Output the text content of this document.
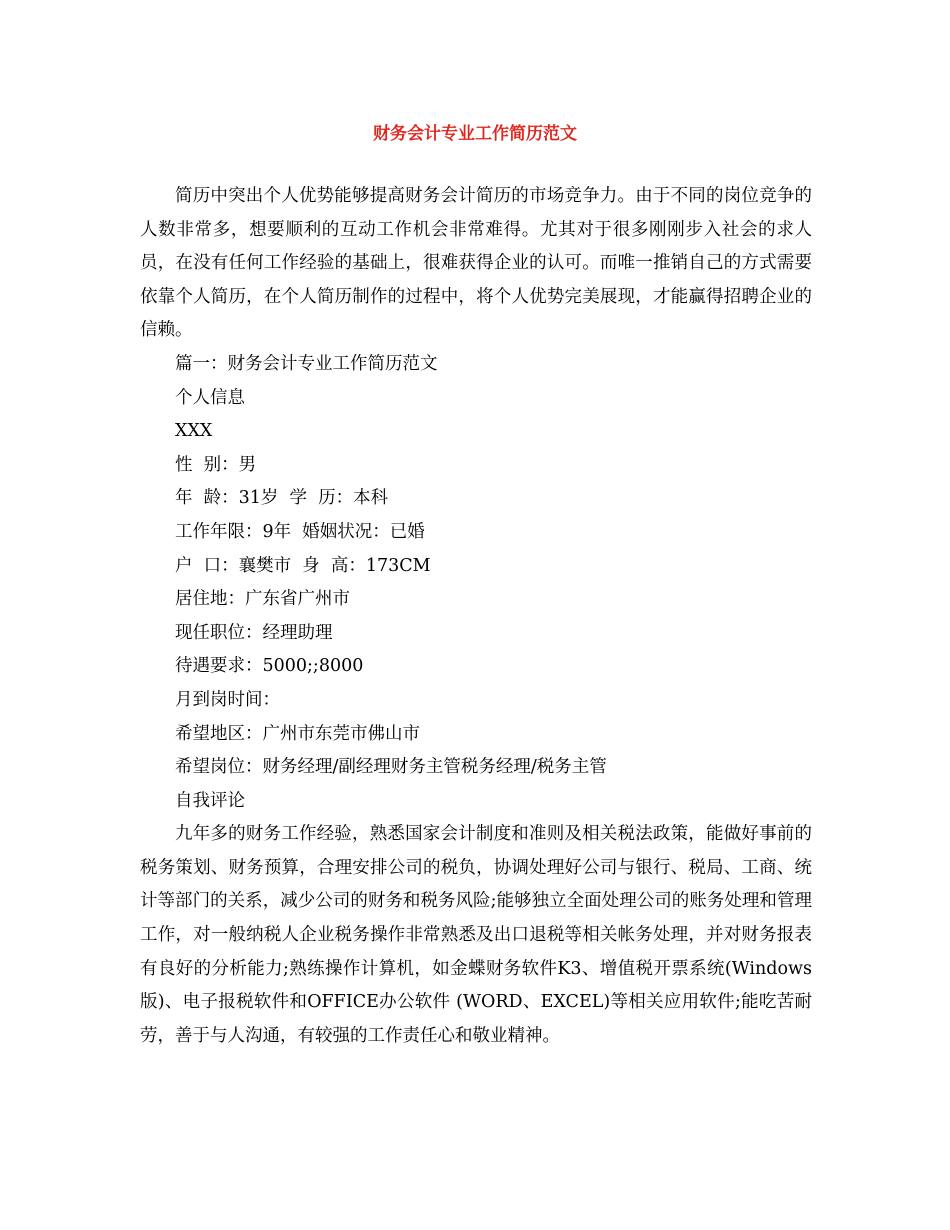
财务会计专业工作简历范文

简历中突出个人优势能够提高财务会计简历的市场竞争力。由于不同的岗位竞争的人数非常多，想要顺利的互动工作机会非常难得。尤其对于很多刚刚步入社会的求人员，在没有任何工作经验的基础上，很难获得企业的认可。而唯一推销自己的方式需要依靠个人简历，在个人简历制作的过程中，将个人优势完美展现，才能赢得招聘企业的信赖。

篇一：财务会计专业工作简历范文

个人信息

XXX

性  别：男

年  龄：31岁  学  历：本科

工作年限：9年  婚姻状况：已婚

户  口：襄樊市  身  高：173CM

居住地：广东省广州市

现任职位：经理助理

待遇要求：5000;;8000

月到岗时间：

希望地区：广州市东莞市佛山市

希望岗位：财务经理/副经理财务主管税务经理/税务主管

自我评论

九年多的财务工作经验，熟悉国家会计制度和准则及相关税法政策，能做好事前的税务策划、财务预算，合理安排公司的税负，协调处理好公司与银行、税局、工商、统计等部门的关系，减少公司的财务和税务风险;能够独立全面处理公司的账务处理和管理工作，对一般纳税人企业税务操作非常熟悉及出口退税等相关帐务处理，并对财务报表有良好的分析能力;熟练操作计算机，如金蝶财务软件K3、增值税开票系统(Windows版)、电子报税软件和OFFICE办公软件 (WORD、EXCEL)等相关应用软件;能吃苦耐劳，善于与人沟通，有较强的工作责任心和敬业精神。
